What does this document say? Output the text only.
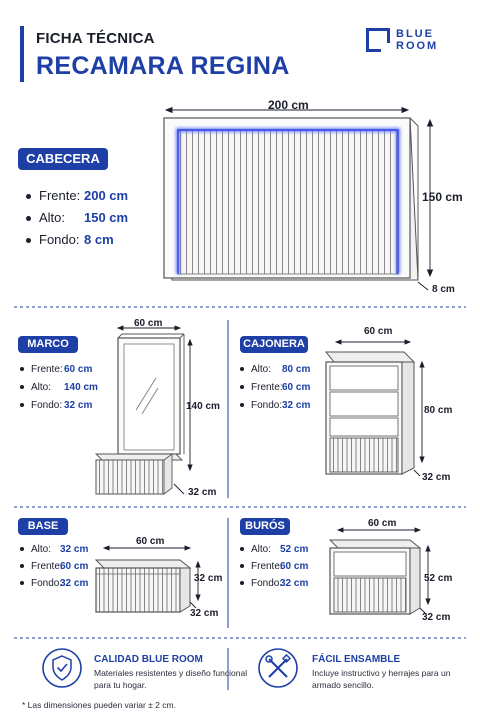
FICHA TÉCNICA
RECAMARA REGINA
BLUE
ROOM
CABECERA
Frente: 200 cm
Alto: 150 cm
Fondo: 8 cm
200 cm
150 cm
8 cm
MARCO
Frente: 60 cm
Alto: 140 cm
Fondo: 32 cm
60 cm
140 cm
32 cm
CAJONERA
Alto: 80 cm
Frente: 60 cm
Fondo: 32 cm
60 cm
80 cm
32 cm
BASE
Alto: 32 cm
Frente:
60 cm
Fondo:
32 cm
60 cm
32 cm
32 cm
BURÓS
Alto: 52 cm
Frente:
60 cm
Fondo:
32 cm
60 cm
52 cm
32 cm
CALIDAD BLUE ROOM
Materiales resistentes y diseño funcional para tu hogar.
FÁCIL ENSAMBLE
Incluye instructivo y herrajes para un armado sencillo.
* Las dimensiones pueden variar ± 2 cm.
